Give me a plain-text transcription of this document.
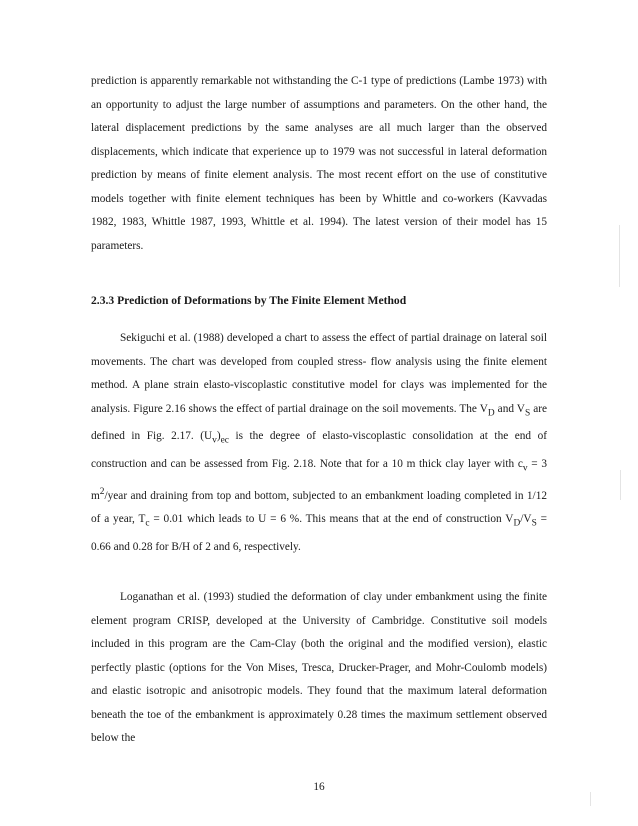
prediction is apparently remarkable not withstanding the C-1 type of predictions (Lambe 1973) with an opportunity to adjust the large number of assumptions and parameters. On the other hand, the lateral displacement predictions by the same analyses are all much larger than the observed displacements, which indicate that experience up to 1979 was not successful in lateral deformation prediction by means of finite element analysis. The most recent effort on the use of constitutive models together with finite element techniques has been by Whittle and co-workers (Kavvadas 1982, 1983, Whittle 1987, 1993, Whittle et al. 1994). The latest version of their model has 15 parameters.

2.3.3 Prediction of Deformations by The Finite Element Method

Sekiguchi et al. (1988) developed a chart to assess the effect of partial drainage on lateral soil movements. The chart was developed from coupled stress- flow analysis using the finite element method. A plane strain elasto-viscoplastic constitutive model for clays was implemented for the analysis. Figure 2.16 shows the effect of partial drainage on the soil movements. The $V_D$ and $V_S$ are defined in Fig. 2.17. $(U_v)_{ec}$ is the degree of elasto-viscoplastic consolidation at the end of construction and can be assessed from Fig. 2.18. Note that for a 10 m thick clay layer with $c_v = 3$ $m^2$/year and draining from top and bottom, subjected to an embankment loading completed in 1/12 of a year, $T_c = 0.01$ which leads to U = 6 %. This means that at the end of construction $V_D/V_S = 0.66$ and 0.28 for B/H of 2 and 6, respectively.

Loganathan et al. (1993) studied the deformation of clay under embankment using the finite element program CRISP, developed at the University of Cambridge. Constitutive soil models included in this program are the Cam-Clay (both the original and the modified version), elastic perfectly plastic (options for the Von Mises, Tresca, Drucker-Prager, and Mohr-Coulomb models) and elastic isotropic and anisotropic models. They found that the maximum lateral deformation beneath the toe of the embankment is approximately 0.28 times the maximum settlement observed below the

16
